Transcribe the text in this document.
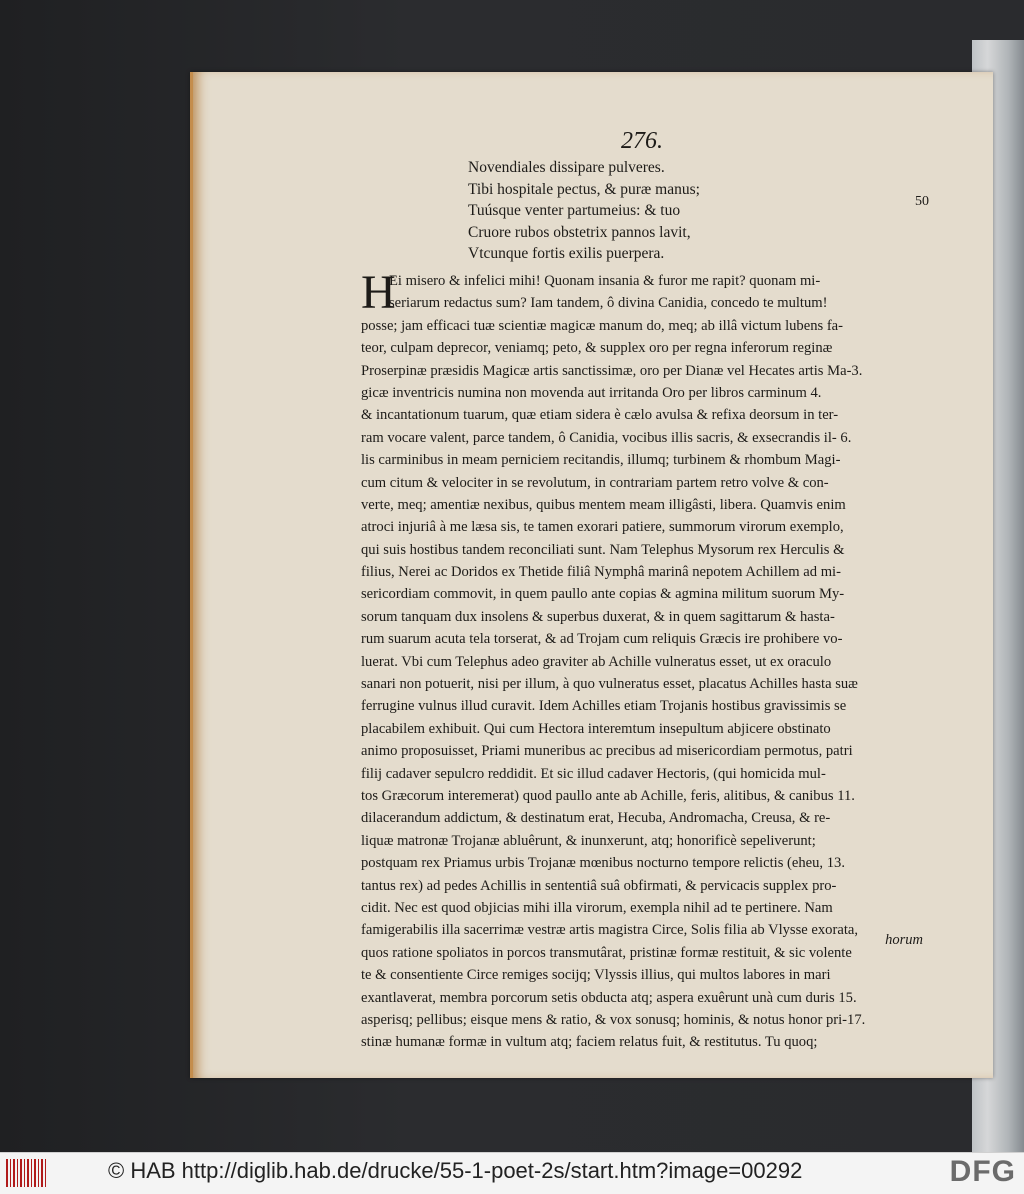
276.
Novendiales dissipare pulveres.
Tibi hospitale pectus, & puræ manus;
Tuúsque venter partumeius: & tuo
Cruore rubos obstetrix pannos lavit,
Vtcunque fortis exilis puerpera.
50
H
Ei misero & infelici mihi! Quonam insania & furor me rapit? quonam mi-
seriarum redactus sum? Iam tandem, ô divina Canidia, concedo te multum!
posse; jam efficaci tuæ scientiæ magicæ manum do, meq; ab illâ victum lubens fa-
teor, culpam deprecor, veniamq; peto, & supplex oro per regna inferorum reginæ
Proserpinæ præsidis Magicæ artis sanctissimæ, oro per Dianæ vel Hecates artis Ma-3.
gicæ inventricis numina non movenda aut irritanda Oro per libros carminum 4.
& incantationum tuarum, quæ etiam sidera è cælo avulsa & refixa deorsum in ter-
ram vocare valent, parce tandem, ô Canidia, vocibus illis sacris, & exsecrandis il- 6.
lis carminibus in meam perniciem recitandis, illumq; turbinem & rhombum Magi-
cum citum & velociter in se revolutum, in contrariam partem retro volve & con-
verte, meq; amentiæ nexibus, quibus mentem meam illigâsti, libera. Quamvis enim
atroci injuriâ à me læsa sis, te tamen exorari patiere, summorum virorum exemplo,
qui suis hostibus tandem reconciliati sunt. Nam Telephus Mysorum rex Herculis &
filius, Nerei ac Doridos ex Thetide filiâ Nymphâ marinâ nepotem Achillem ad mi-
sericordiam commovit, in quem paullo ante copias & agmina militum suorum My-
sorum tanquam dux insolens & superbus duxerat, & in quem sagittarum & hasta-
rum suarum acuta tela torserat, & ad Trojam cum reliquis Græcis ire prohibere vo-
luerat. Vbi cum Telephus adeo graviter ab Achille vulneratus esset, ut ex oraculo
sanari non potuerit, nisi per illum, à quo vulneratus esset, placatus Achilles hasta suæ
ferrugine vulnus illud curavit. Idem Achilles etiam Trojanis hostibus gravissimis se
placabilem exhibuit. Qui cum Hectora interemtum insepultum abjicere obstinato
animo proposuisset, Priami muneribus ac precibus ad misericordiam permotus, patri
filij cadaver sepulcro reddidit. Et sic illud cadaver Hectoris, (qui homicida mul-
tos Græcorum interemerat) quod paullo ante ab Achille, feris, alitibus, & canibus 11.
dilacerandum addictum, & destinatum erat, Hecuba, Andromacha, Creusa, & re-
liquæ matronæ Trojanæ abluêrunt, & inunxerunt, atq; honorificè sepeliverunt;
postquam rex Priamus urbis Trojanæ mœnibus nocturno tempore relictis (eheu, 13.
tantus rex) ad pedes Achillis in sententiâ suâ obfirmati, & pervicacis supplex pro-
cidit. Nec est quod objicias mihi illa virorum, exempla nihil ad te pertinere. Nam
famigerabilis illa sacerrimæ vestræ artis magistra Circe, Solis filia ab Vlysse exorata,
quos ratione spoliatos in porcos transmutârat, pristinæ formæ restituit, & sic volente
te & consentiente Circe remiges socijq; Vlyssis illius, qui multos labores in mari
exantlaverat, membra porcorum setis obducta atq; aspera exuêrunt unà cum duris 15.
asperisq; pellibus; eisque mens & ratio, & vox sonusq; hominis, & notus honor pri-17.
stinæ humanæ formæ in vultum atq; faciem relatus fuit, & restitutus. Tu quoq;
horum
© HAB http://diglib.hab.de/drucke/55-1-poet-2s/start.htm?image=00292	DFG
